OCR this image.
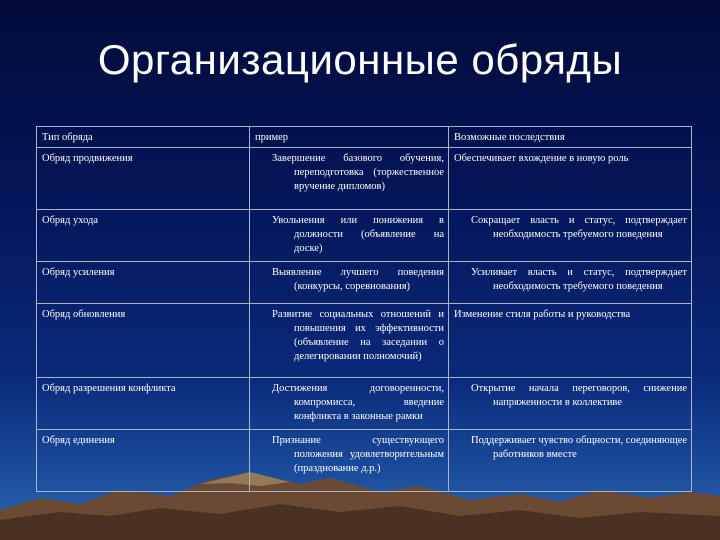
Организационные обряды
Тип обряда	пример	Возможные последствия
Обряд продвижения	Завершение базового обучения, переподготовка (торжественное вручение дипломов)	Обеспечивает вхождение в новую роль
Обряд ухода	Увольнения или понижения в должности (объявление на доске)	Сокращает власть и статус, подтверждает необходимость требуемого поведения

Обряд усиления	Выявление лучшего поведения (конкурсы, соревнования)	Усиливает власть и статус, подтверждает необходимость требуемого поведения

Обряд обновления	Развитие социальных отношений и повышения их эффективности (объявление на заседании о делегировании полномочий)	Изменение стиля работы и руководства
Обряд разрешения конфликта	Достижения договоренности, компромисса, введение конфликта в законные рамки	Открытие начала переговоров, снижение напряженности в коллективе

Обряд единения	Признание существующего положения удовлетворительным (празднование д.р.)	Поддерживает чувство общности, соединяющее работников вместе
